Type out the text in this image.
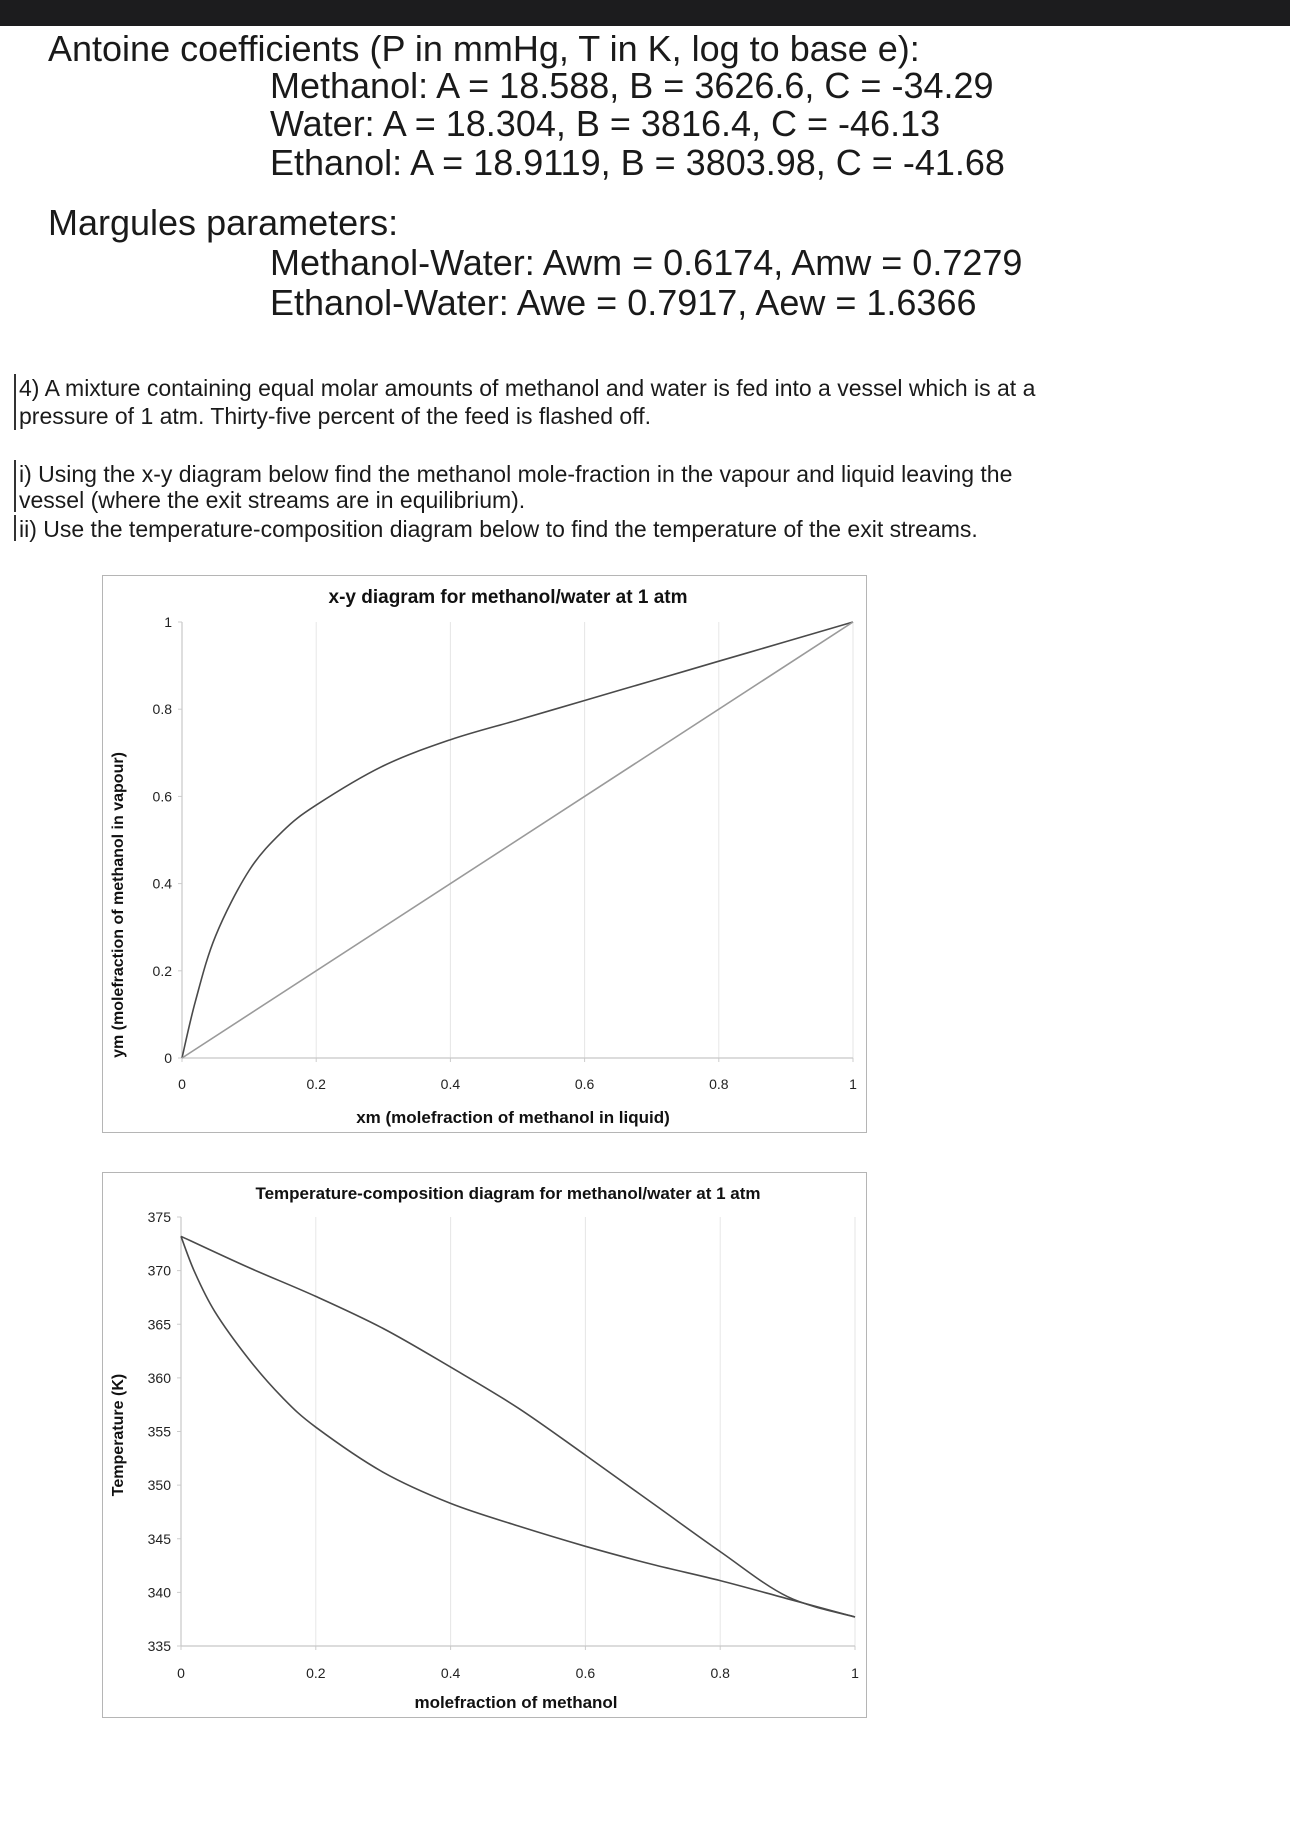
Antoine coefficients (P in mmHg, T in K, log to base e):
Methanol: A = 18.588, B = 3626.6, C = -34.29
Water: A = 18.304, B = 3816.4, C = -46.13
Ethanol: A = 18.9119, B = 3803.98, C = -41.68
Margules parameters:
Methanol-Water: Awm = 0.6174, Amw = 0.7279
Ethanol-Water: Awe = 0.7917, Aew = 1.6366
4) A mixture containing equal molar amounts of methanol and water is fed into a vessel which is at a
pressure of 1 atm. Thirty-five percent of the feed is flashed off.
i) Using the x-y diagram below find the methanol mole-fraction in the vapour and liquid leaving the
vessel (where the exit streams are in equilibrium).
ii) Use the temperature-composition diagram below to find the temperature of the exit streams.
0	0.2	0.4	0.6	0.8	1
0
0.2
0.4
0.6
0.8
1
x-y diagram for methanol/water at 1 atm
xm (molefraction of methanol in liquid)
ym (molefraction of methanol in vapour)
0	0.2	0.4	0.6	0.8	1
335
340
345
350
355
360
365
370
375
Temperature-composition diagram for methanol/water at 1 atm
molefraction of methanol
Temperature (K)
